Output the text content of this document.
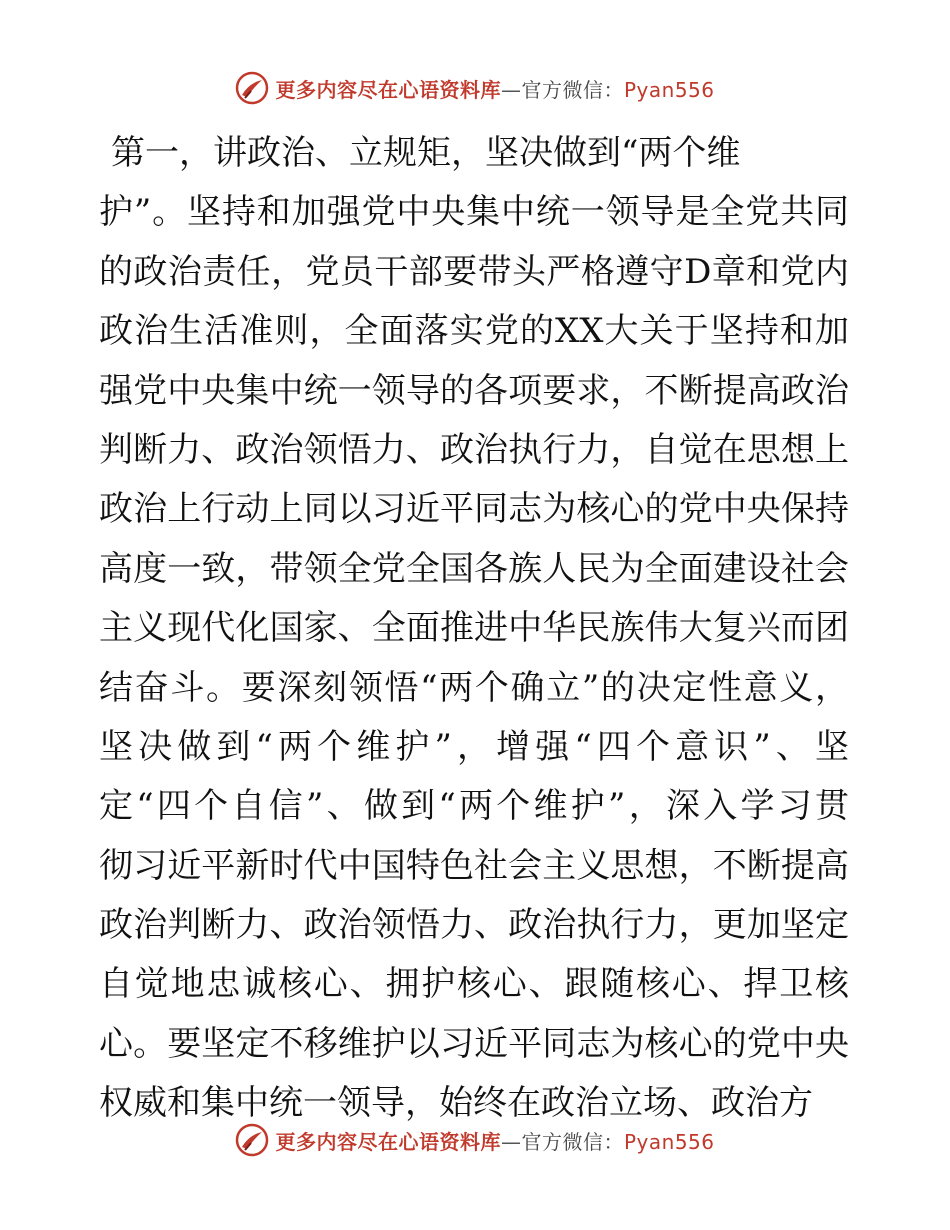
更多内容尽在心语资料库—官方微信：Pyan556
第一，讲政治、立规矩，坚决做到“两个维
护”。坚持和加强党中央集中统一领导是全党共同
的政治责任，党员干部要带头严格遵守D章和党内
政治生活准则，全面落实党的XX大关于坚持和加
强党中央集中统一领导的各项要求，不断提高政治
判断力、政治领悟力、政治执行力，自觉在思想上
政治上行动上同以习近平同志为核心的党中央保持
高度一致，带领全党全国各族人民为全面建设社会
主义现代化国家、全面推进中华民族伟大复兴而团
结奋斗。要深刻领悟“两个确立”的决定性意义，
坚决做到“两个维护”，增强“四个意识”、坚
定“四个自信”、做到“两个维护”，深入学习贯
彻习近平新时代中国特色社会主义思想，不断提高
政治判断力、政治领悟力、政治执行力，更加坚定
自觉地忠诚核心、拥护核心、跟随核心、捍卫核
心。要坚定不移维护以习近平同志为核心的党中央
权威和集中统一领导，始终在政治立场、政治方
更多内容尽在心语资料库—官方微信：Pyan556
